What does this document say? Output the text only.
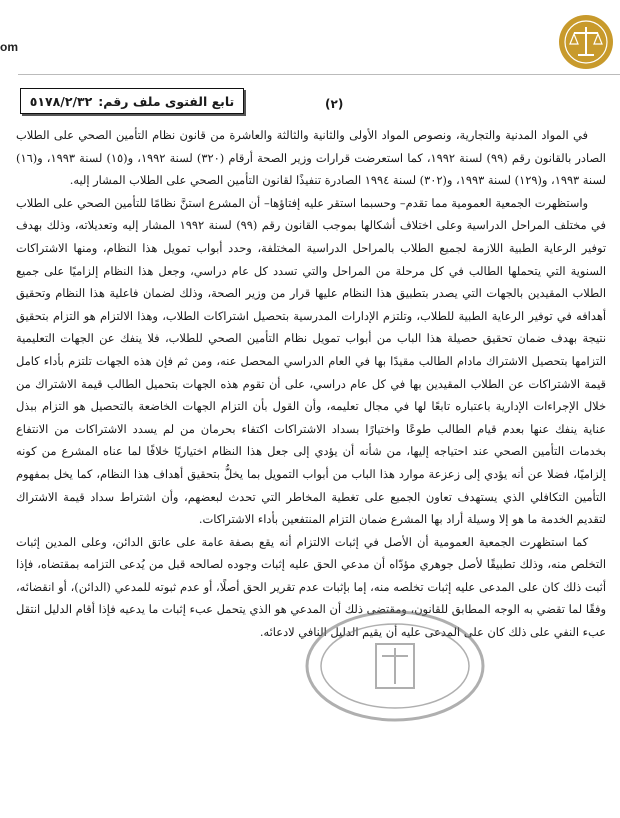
om
تابع الفتوى ملف رقم:
٥١٧٨/٢/٣٢	(٢)

في المواد المدنية والتجارية، ونصوص المواد الأولى والثانية والثالثة والعاشرة من قانون نظام التأمين الصحي على الطلاب الصادر بالقانون رقم (٩٩) لسنة ١٩٩٢، كما استعرضت قرارات وزير الصحة أرقام (٣٢٠) لسنة ١٩٩٢، و(١٥) لسنة ١٩٩٣، و(١٦) لسنة ١٩٩٣، و(١٢٩) لسنة ١٩٩٣، و(٣٠٢) لسنة ١٩٩٤ الصادرة تنفيذًا لقانون التأمين الصحي على الطلاب المشار إليه.

واستظهرت الجمعية العمومية مما تقدم– وحسبما استقر عليه إفتاؤها– أن المشرع استنَّ نظامًا للتأمين الصحي على الطلاب في مختلف المراحل الدراسية وعلى اختلاف أشكالها بموجب القانون رقم (٩٩) لسنة ١٩٩٢ المشار إليه وتعديلاته، وذلك بهدف توفير الرعاية الطبية اللازمة لجميع الطلاب بالمراحل الدراسية المختلفة، وحدد أبواب تمويل هذا النظام، ومنها الاشتراكات السنوية التي يتحملها الطالب في كل مرحلة من المراحل والتي تسدد كل عام دراسي، وجعل هذا النظام إلزاميًا على جميع الطلاب المقيدين بالجهات التي يصدر بتطبيق هذا النظام عليها قرار من وزير الصحة، وذلك لضمان فاعلية هذا النظام وتحقيق أهدافه في توفير الرعاية الطبية للطلاب، وتلتزم الإدارات المدرسية بتحصيل اشتراكات الطلاب، وهذا الالتزام هو التزام بتحقيق نتيجة بهدف ضمان تحقيق حصيلة هذا الباب من أبواب تمويل نظام التأمين الصحي للطلاب، فلا ينفك عن الجهات التعليمية التزامها بتحصيل الاشتراك مادام الطالب مقيدًا بها في العام الدراسي المحصل عنه، ومن ثم فإن هذه الجهات تلتزم بأداء كامل قيمة الاشتراكات عن الطلاب المقيدين بها في كل عام دراسي، على أن تقوم هذه الجهات بتحميل الطالب قيمة الاشتراك من خلال الإجراءات الإدارية باعتباره تابعًا لها في مجال تعليمه، وأن القول بأن التزام الجهات الخاضعة بالتحصيل هو التزام ببذل عناية ينفك عنها بعدم قيام الطالب طوعًا واختيارًا بسداد الاشتراكات اكتفاء بحرمان من لم يسدد الاشتراكات من الانتفاع بخدمات التأمين الصحي عند احتياجه إليها، من شأنه أن يؤدي إلى جعل هذا النظام اختياريًا خلافًا لما عناه المشرع من كونه إلزاميًا، فضلا عن أنه يؤدي إلى زعزعة موارد هذا الباب من أبواب التمويل بما يخلُّ بتحقيق أهداف هذا النظام، كما يخل بمفهوم التأمين التكافلي الذي يستهدف تعاون الجميع على تغطية المخاطر التي تحدث لبعضهم، وأن اشتراط سداد قيمة الاشتراك لتقديم الخدمة ما هو إلا وسيلة أراد بها المشرع ضمان التزام المنتفعين بأداء الاشتراكات.

كما استظهرت الجمعية العمومية أن الأصل في إثبات الالتزام أنه يقع بصفة عامة على عاتق الدائن، وعلى المدين إثبات التخلص منه، وذلك تطبيقًا لأصل جوهري مؤدّاه أن مدعي الحق عليه إثبات وجوده لصالحه قبل من يُدعى التزامه بمقتضاه، فإذا أثبت ذلك كان على المدعى عليه إثبات تخلصه منه، إما بإثبات عدم تقرير الحق أصلًا، أو عدم ثبوته للمدعي (الدائن)، أو انقضائه، وفقًا لما تقضي به الوجه المطابق للقانون، ومقتضى ذلك أن المدعي هو الذي يتحمل عبء إثبات ما يدعيه فإذا أقام الدليل انتقل عبء النفي على ذلك كان على المدعى عليه أن يقيم الدليل النافي لادعائه.
